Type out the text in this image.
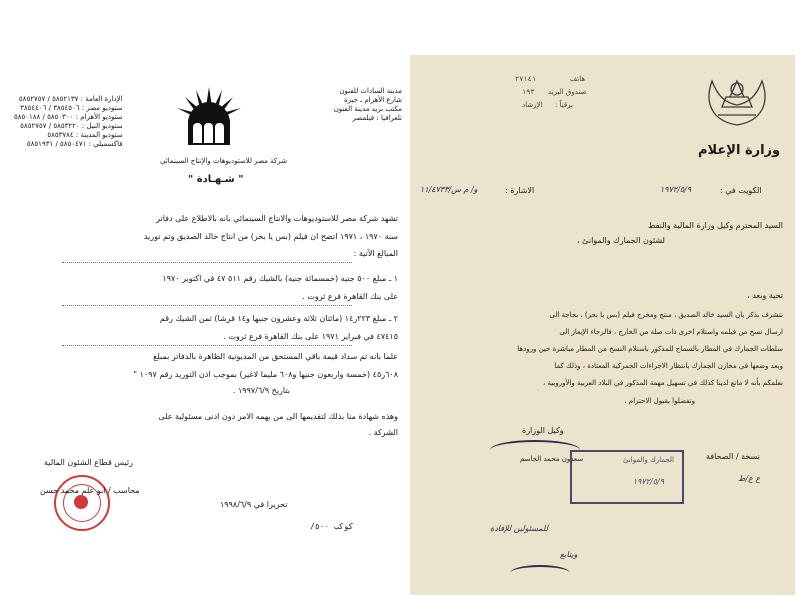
مدينة السادات للفنون
شارع الأهرام ـ جيزة
مكتب بريد مدينة الفنون
تلغرافيا : فيلمصر
الإدارة العامة : ٥٨٥٢١٣٧ / ٥٨٥٢٧٥٧
ستوديو مصر : ٣٨٥٤٥٠٦ / ٣٨٥٤٤٠٦
ستوديو الأهرام : ٥٨٥٠٣٠٠ / ٥٨٥٠١٨٨
ستوديو النيل : ٥٨٥٣٢٢٠ / ٥٨٥٢٧٥٧
ستوديو المدينة : ٥٨٥٣٧٨٤
فاكسميلي : ٥٨٥٠٤٧١ / ٥٨٥١٩٣١
شركة مصر للاستوديوهات والإنتاج السينمائي
" شـهـادة "
تشهد شركة مصر للاستوديوهات والانتاج السينمائي بانه بالاطلاع على دفاتر
سنة ١٩٧٠ ، ١٩٧١ اتضح ان فيلم (بس يا بحر) من انتاج خالد الصديق وتم توريد
المبالغ الآتية :
١ ـ مبلغ ٥٠٠ جنيه (خمسمائة جنيه) بالشيك رقم ٥١١ ٤٧ في اكتوبر ١٩٧٠
على بنك القاهرة فرع ثروت .
٢ ـ مبلغ ٢٢٣ر١٤ (مائتان ثلاثة وعشرون جنيها و١٤ قرشا) ثمن الشيك رقم
٤٧٤١٥ في فبراير ١٩٧١ على بنك القاهرة فرع ثروت .
علما بانه تم سداد قيمة باقي المستحق من المديونية الظاهرة بالدفاتر بمبلغ
٦٠٨ر٤٥ (خمسة واربعون جنيها و٦٠٨ مليما لاغير) بموجب اذن التوريد رقم ١٠٩٧ "
بتاريخ ١٩٩٧/٦/٩ .
وهذه شهادة منا بذلك لتقديمها الى من يهمه الامر دون ادنى مسئولية على
الشركة .
رئيس قطاع الشئون المالية
محاسب / ابو علم محمد حسن
تحريرا في ١٩٩٨/٦/٩
كوكب ٥٠٠/
وزارة الإعلام
هاتف
٢٧١٤١
صندوق البريد
١٩٣
برقياً :
الإرشاد
الكويت في :
١٩٧٢/٥/٩
الاشارة :
و/ م س/١١/٤٧٣٣
السيد المحترم وكيل وزارة المالية والنفط
لشئون الجمارك والموانئ ،
تحية وبعد ،
نتشرف بذكر بان السيد خالد الصديق ، منتج ومخرج فيلم (بس يا بحر) ، بحاجة الى
ارسال نسخ من فيلمه واستلام اخرى ذات صلة من الخارج ، فالرجاء الإيعاز الى
سلطات الجمارك في المطار بالسماح للمذكور باستلام النسخ من المطار مباشرة حين ورودها
وبعد وضعها في مخازن الجمارك بانتظار الاجراءات الجمركية المعتادة ، وذلك كما
نعلمكم بأنه لا مانع لدينا كذلك في تسهيل مهمة المذكور في البلاد العربية والأوروبية ،
وتفضلوا بقبول الاحترام ،
وكيل الوزارة
سعدون محمد الجاسم	الجمارك والموانئ
١٩٧٢/٥/٩
نسخة / الصحافة
ع ع/ط
للمسئولين للإفادة
ويتابع
